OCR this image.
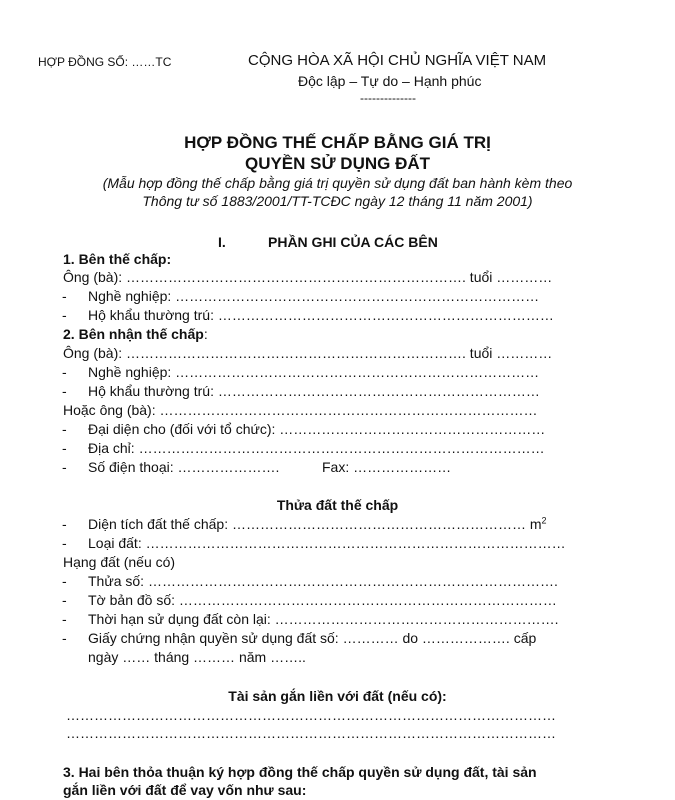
HỢP ĐỒNG SỐ: ……TC	CỘNG HÒA XÃ HỘI CHỦ NGHĨA VIỆT NAM
Độc lập – Tự do – Hạnh phúc
--------------
HỢP ĐỒNG THẾ CHẤP BẰNG GIÁ TRỊ
QUYỀN SỬ DỤNG ĐẤT
(Mẫu hợp đồng thế chấp bằng giá trị quyền sử dụng đất ban hành kèm theo
Thông tư số 1883/2001/TT-TCĐC ngày 12 tháng 11 năm 2001)
I.	PHẦN GHI CỦA CÁC BÊN
1. Bên thế chấp:
Ông (bà): ………………………………………………………………. tuổi …………
- Nghề nghiệp: ……………………………………………………………………
- Hộ khẩu thường trú: ………………………………………………………………
2. Bên nhận thế chấp:
Ông (bà): ………………………………………………………………. tuổi …………
- Nghề nghiệp: ……………………………………………………………………
- Hộ khẩu thường trú: ……………………………………………………………
Hoặc ông (bà): ………………………………………………………………………
- Đại diện cho (đối với tổ chức): …………………………………………………
- Địa chỉ: ……………………………………………………………………………
- Số điện thoại: ………………….	Fax: …………………
Thửa đất thế chấp
- Diện tích đất thế chấp: ……………………………………………………… $m^2$
- Loại đất: ………………………………………………………………………………
Hạng đất (nếu có)
- Thửa số: …………………………………………………………………………….
- Tờ bản đồ số: ………………………………………………………………………
- Thời hạn sử dụng đất còn lại: …………………………………………………….
- Giấy chứng nhận quyền sử dụng đất số: ………… do ………………. cấp
ngày …… tháng ……… năm ……..
Tài sản gắn liền với đất (nếu có):
……………………………………………………………………………………………
……………………………………………………………………………………………
3. Hai bên thỏa thuận ký hợp đồng thế chấp quyền sử dụng đất, tài sản
gắn liền với đất để vay vốn như sau:
